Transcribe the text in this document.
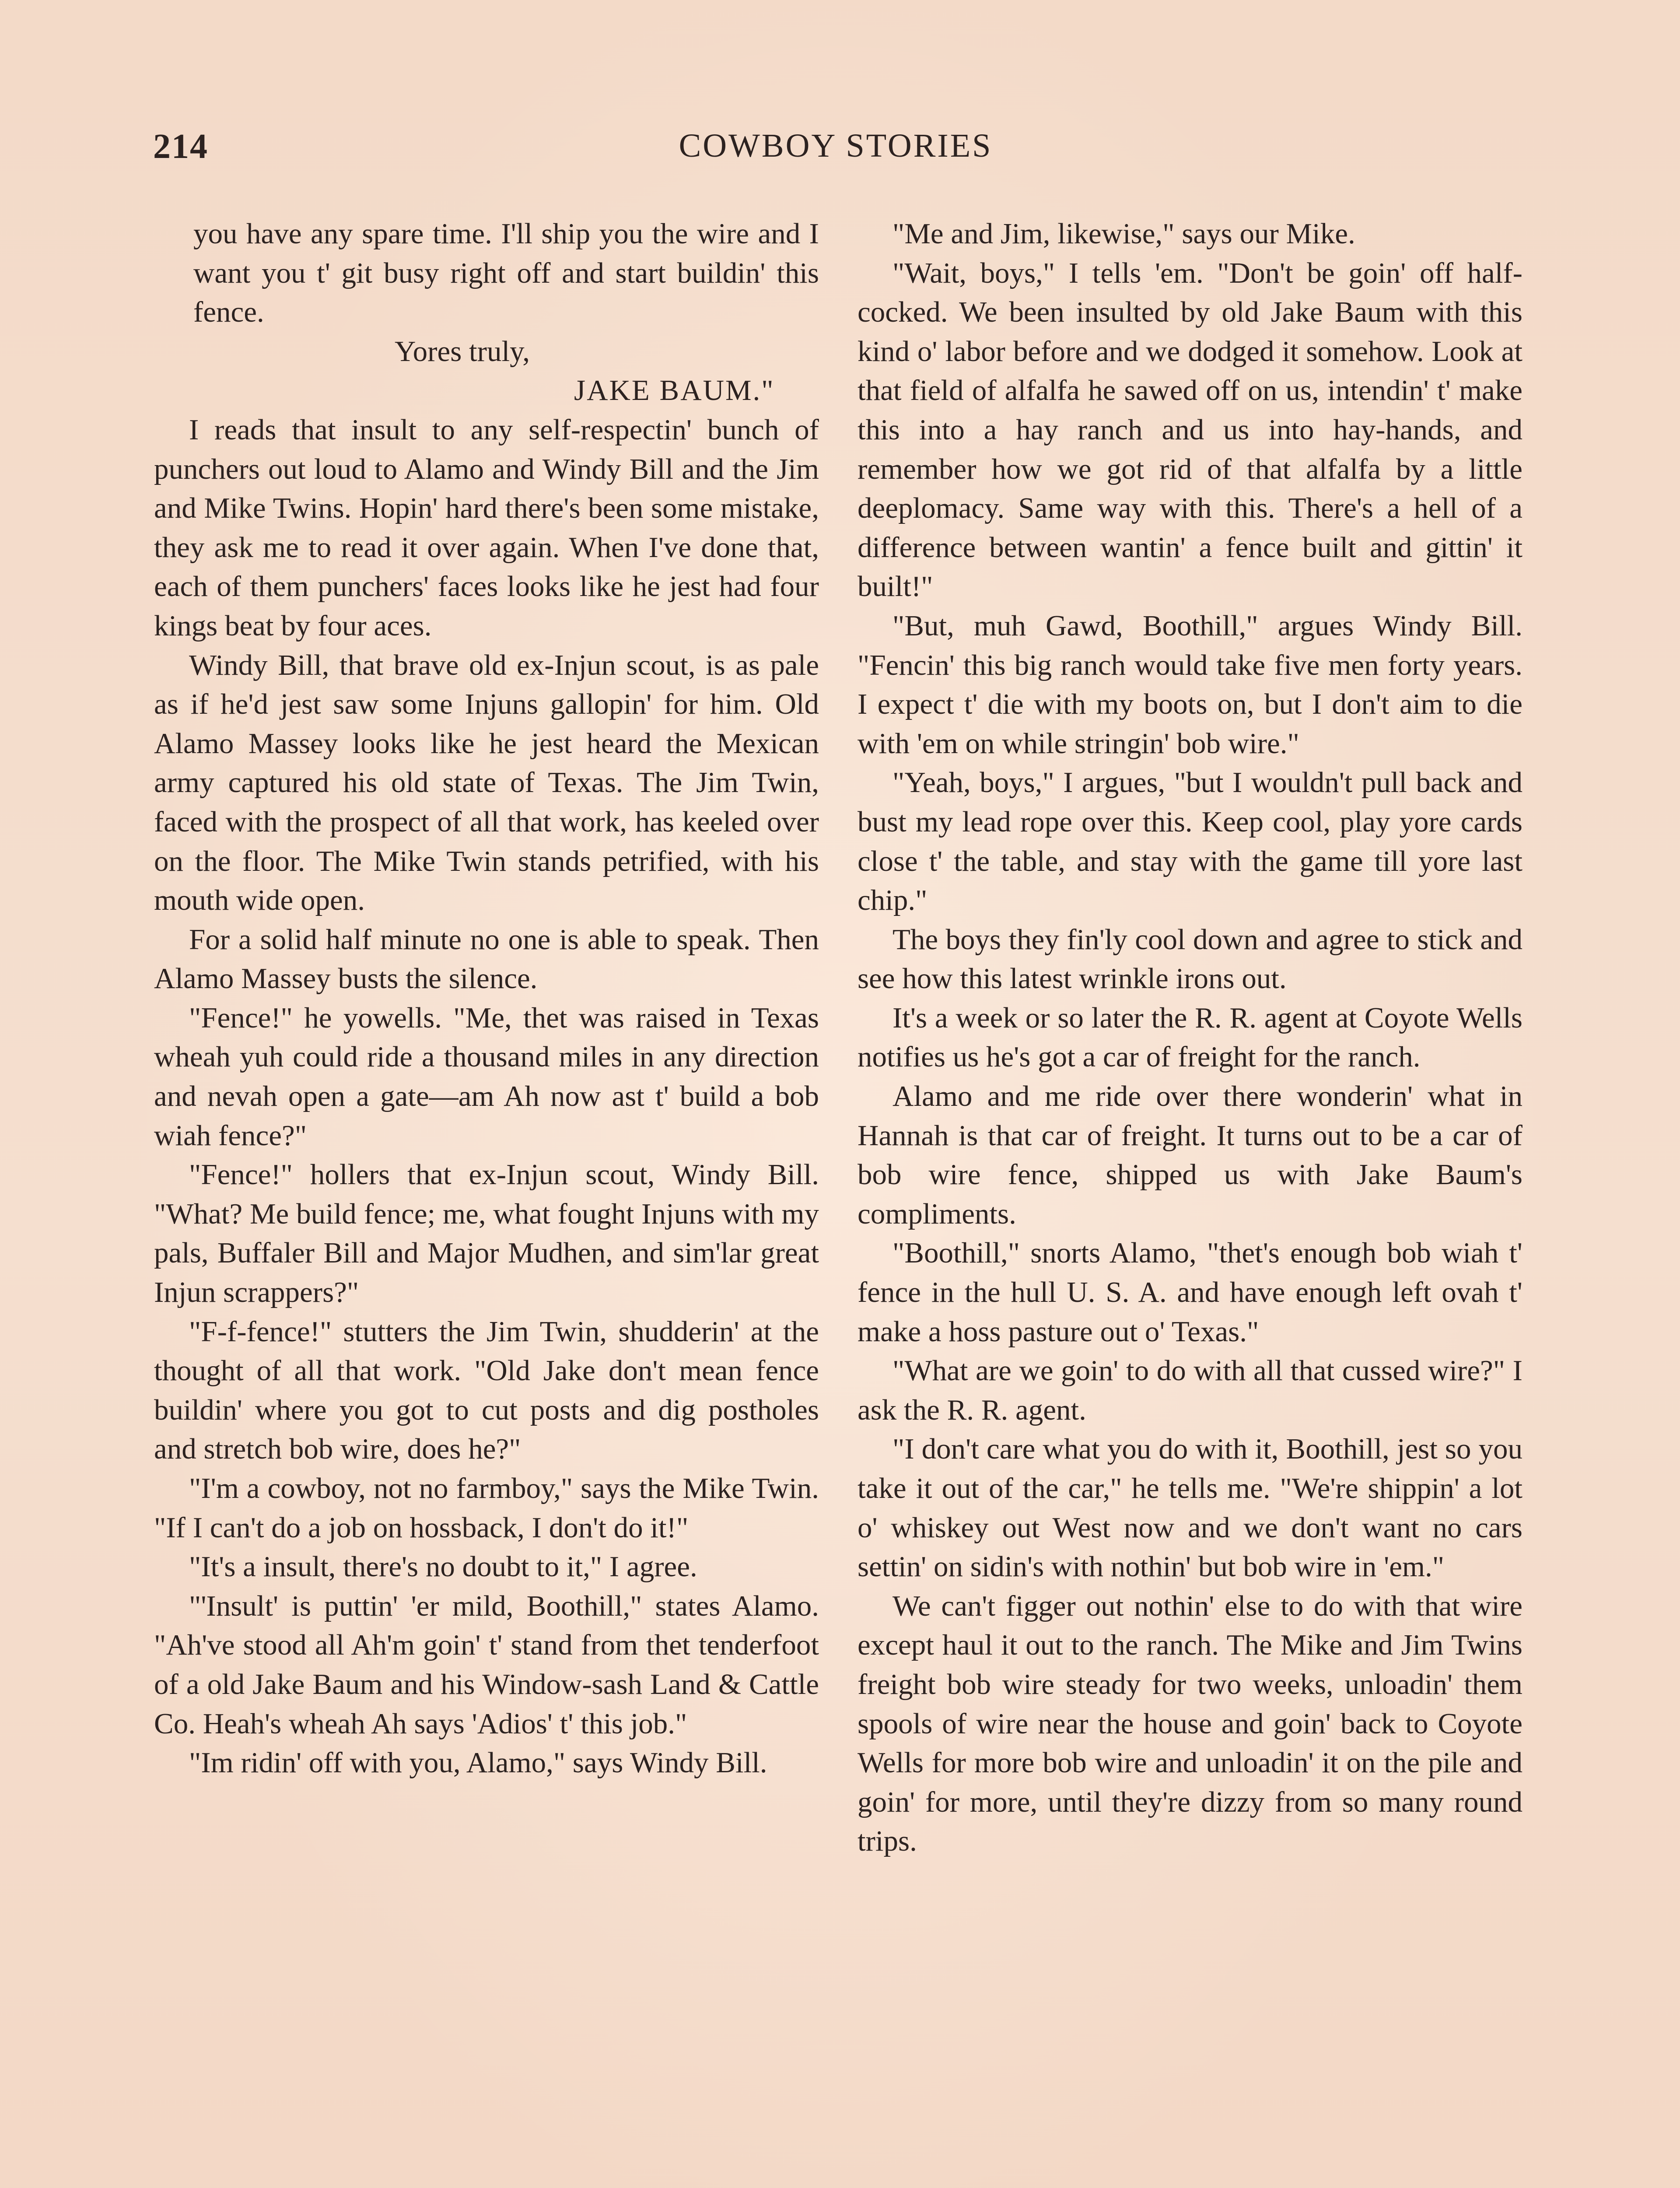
214	COWBOY STORIES

you have any spare time. I'll ship you the wire and I want you t' git busy right off and start buildin' this fence.

Yores truly,

JAKE BAUM."

I reads that insult to any self-respectin' bunch of punchers out loud to Alamo and Windy Bill and the Jim and Mike Twins. Hopin' hard there's been some mistake, they ask me to read it over again. When I've done that, each of them punchers' faces looks like he jest had four kings beat by four aces.

Windy Bill, that brave old ex-Injun scout, is as pale as if he'd jest saw some Injuns gallopin' for him. Old Alamo Massey looks like he jest heard the Mexican army captured his old state of Texas. The Jim Twin, faced with the prospect of all that work, has keeled over on the floor. The Mike Twin stands petrified, with his mouth wide open.

For a solid half minute no one is able to speak. Then Alamo Massey busts the silence.

"Fence!" he yowells. "Me, thet was raised in Texas wheah yuh could ride a thousand miles in any direction and nevah open a gate—am Ah now ast t' build a bob wiah fence?"

"Fence!" hollers that ex-Injun scout, Windy Bill. "What? Me build fence; me, what fought Injuns with my pals, Buffaler Bill and Major Mudhen, and sim'lar great Injun scrappers?"

"F-f-fence!" stutters the Jim Twin, shudderin' at the thought of all that work. "Old Jake don't mean fence buildin' where you got to cut posts and dig postholes and stretch bob wire, does he?"

"I'm a cowboy, not no farmboy," says the Mike Twin. "If I can't do a job on hossback, I don't do it!"

"It's a insult, there's no doubt to it," I agree.

"'Insult' is puttin' 'er mild, Boothill," states Alamo. "Ah've stood all Ah'm goin' t' stand from thet tenderfoot of a old Jake Baum and his Window-sash Land & Cattle Co. Heah's wheah Ah says 'Adios' t' this job."

"Im ridin' off with you, Alamo," says Windy Bill.

"Me and Jim, likewise," says our Mike.

"Wait, boys," I tells 'em. "Don't be goin' off half-cocked. We been insulted by old Jake Baum with this kind o' labor before and we dodged it somehow. Look at that field of alfalfa he sawed off on us, intendin' t' make this into a hay ranch and us into hay-hands, and remember how we got rid of that alfalfa by a little deeplomacy. Same way with this. There's a hell of a difference between wantin' a fence built and gittin' it built!"

"But, muh Gawd, Boothill," argues Windy Bill. "Fencin' this big ranch would take five men forty years. I expect t' die with my boots on, but I don't aim to die with 'em on while stringin' bob wire."

"Yeah, boys," I argues, "but I wouldn't pull back and bust my lead rope over this. Keep cool, play yore cards close t' the table, and stay with the game till yore last chip."

The boys they fin'ly cool down and agree to stick and see how this latest wrinkle irons out.

It's a week or so later the R. R. agent at Coyote Wells notifies us he's got a car of freight for the ranch.

Alamo and me ride over there wonderin' what in Hannah is that car of freight. It turns out to be a car of bob wire fence, shipped us with Jake Baum's compliments.

"Boothill," snorts Alamo, "thet's enough bob wiah t' fence in the hull U. S. A. and have enough left ovah t' make a hoss pasture out o' Texas."

"What are we goin' to do with all that cussed wire?" I ask the R. R. agent.

"I don't care what you do with it, Boothill, jest so you take it out of the car," he tells me. "We're shippin' a lot o' whiskey out West now and we don't want no cars settin' on sidin's with nothin' but bob wire in 'em."

We can't figger out nothin' else to do with that wire except haul it out to the ranch. The Mike and Jim Twins freight bob wire steady for two weeks, unloadin' them spools of wire near the house and goin' back to Coyote Wells for more bob wire and unloadin' it on the pile and goin' for more, until they're dizzy from so many round trips.
